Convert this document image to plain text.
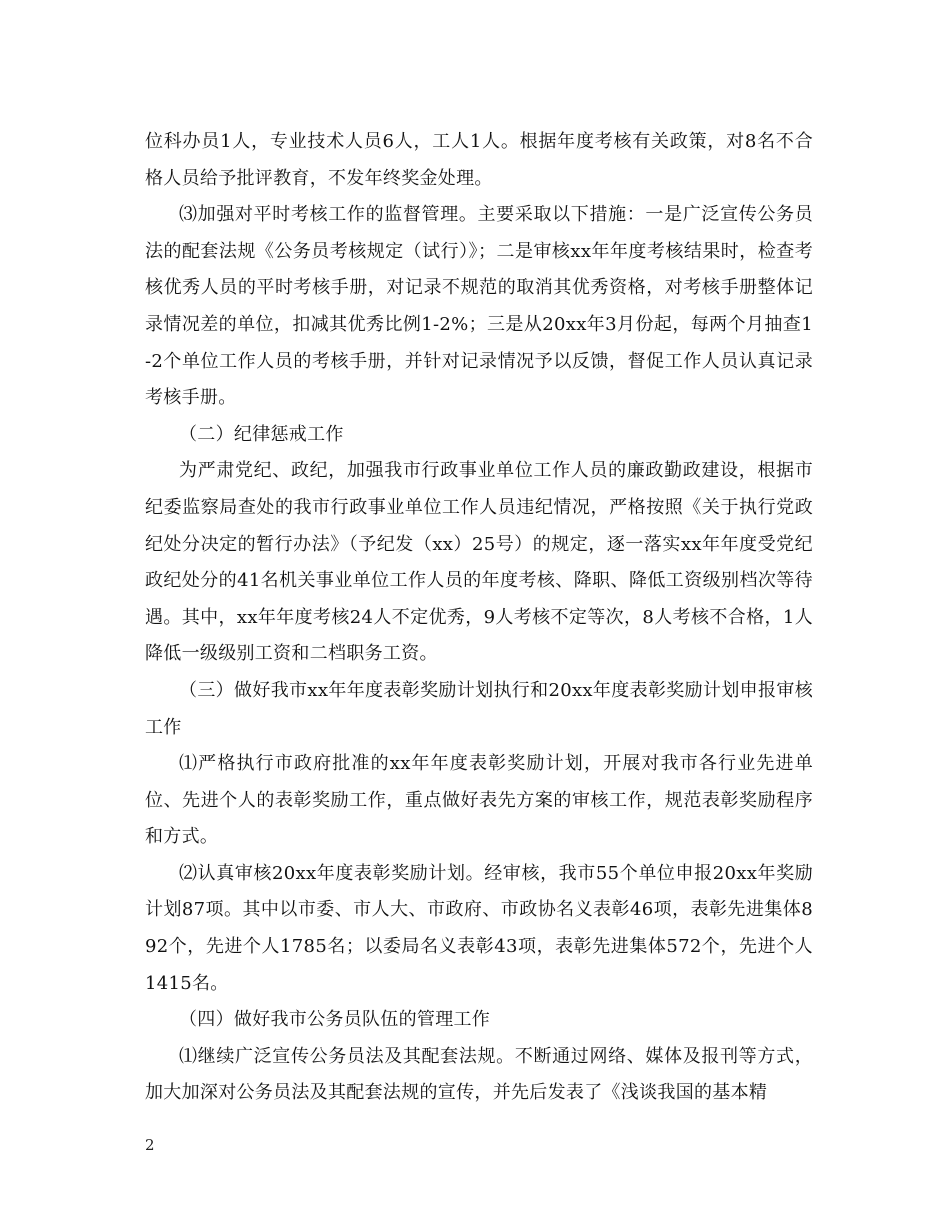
位科办员1人，专业技术人员6人，工人1人。根据年度考核有关政策，对8名不合格人员给予批评教育，不发年终奖金处理。

⑶加强对平时考核工作的监督管理。主要采取以下措施：一是广泛宣传公务员法的配套法规《公务员考核规定（试行）》；二是审核xx年年度考核结果时，检查考核优秀人员的平时考核手册，对记录不规范的取消其优秀资格，对考核手册整体记录情况差的单位，扣减其优秀比例1-2%；三是从20xx年3月份起，每两个月抽查1-2个单位工作人员的考核手册，并针对记录情况予以反馈，督促工作人员认真记录考核手册。

（二）纪律惩戒工作

为严肃党纪、政纪，加强我市行政事业单位工作人员的廉政勤政建设，根据市纪委监察局查处的我市行政事业单位工作人员违纪情况，严格按照《关于执行党政纪处分决定的暂行办法》（予纪发（xx）25号）的规定，逐一落实xx年年度受党纪政纪处分的41名机关事业单位工作人员的年度考核、降职、降低工资级别档次等待遇。其中，xx年年度考核24人不定优秀，9人考核不定等次，8人考核不合格，1人降低一级级别工资和二档职务工资。

（三）做好我市xx年年度表彰奖励计划执行和20xx年度表彰奖励计划申报审核工作

⑴严格执行市政府批准的xx年年度表彰奖励计划，开展对我市各行业先进单位、先进个人的表彰奖励工作，重点做好表先方案的审核工作，规范表彰奖励程序和方式。

⑵认真审核20xx年度表彰奖励计划。经审核，我市55个单位申报20xx年奖励计划87项。其中以市委、市人大、市政府、市政协名义表彰46项，表彰先进集体892个，先进个人1785名；以委局名义表彰43项，表彰先进集体572个，先进个人1415名。

（四）做好我市公务员队伍的管理工作

⑴继续广泛宣传公务员法及其配套法规。不断通过网络、媒体及报刊等方式，加大加深对公务员法及其配套法规的宣传，并先后发表了《浅谈我国的基本精

2
